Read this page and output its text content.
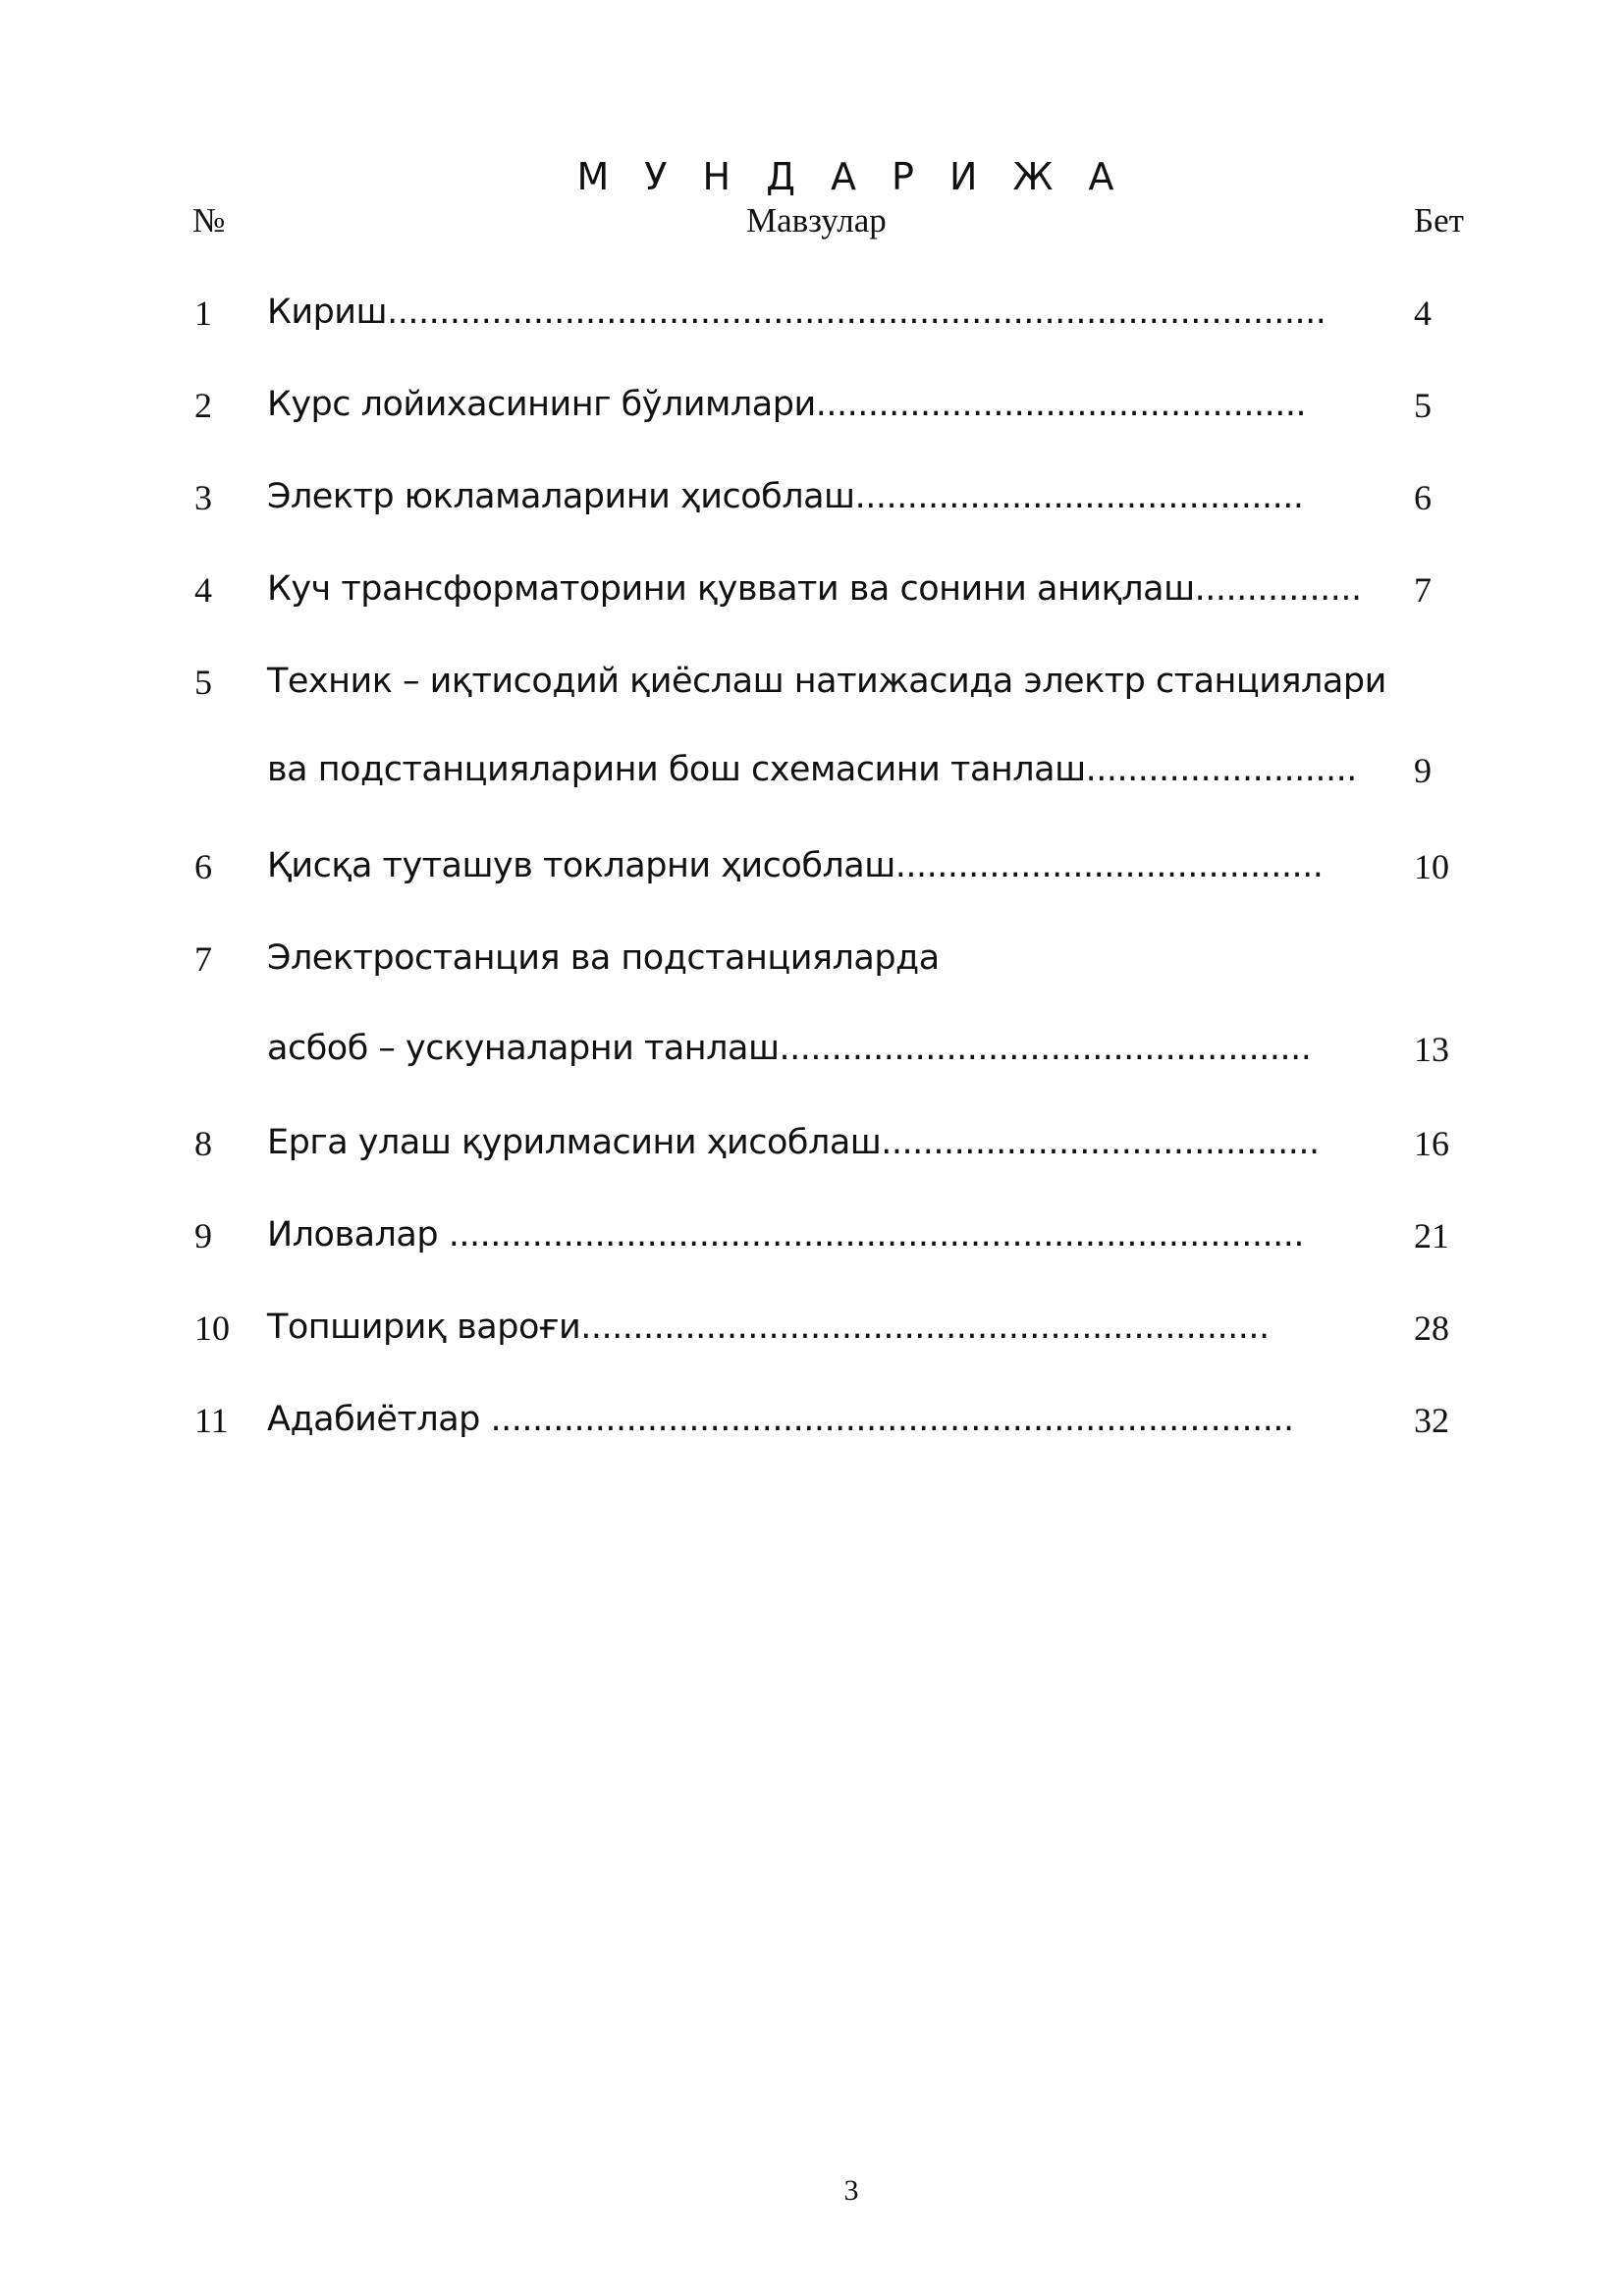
М У Н Д А Р И Ж А
№	Мавзулар	Бет
1 Кириш.......................................................................................... 4
2 Курс лойихасининг бўлимлари...............................................	5
3 Электр юкламаларини ҳисоблаш...........................................	6
4 Куч трансформаторини қуввати ва сонини аниқлаш................ 7
5 Техник – иқтисодий қиёслаш натижасида электр станциялари
ва подстанцияларини бош схемасини танлаш.......................... 9
6 Қисқа туташув токларни ҳисоблаш.........................................	10
7 Электростанция ва подстанцияларда
асбоб – ускуналарни танлаш...................................................	13
8 Ерга улаш қурилмасини ҳисоблаш..........................................	16
9 Иловалар ..................................................................................	21
10 Топшириқ вароғи..................................................................	28
11 Адабиётлар .............................................................................	32
3
